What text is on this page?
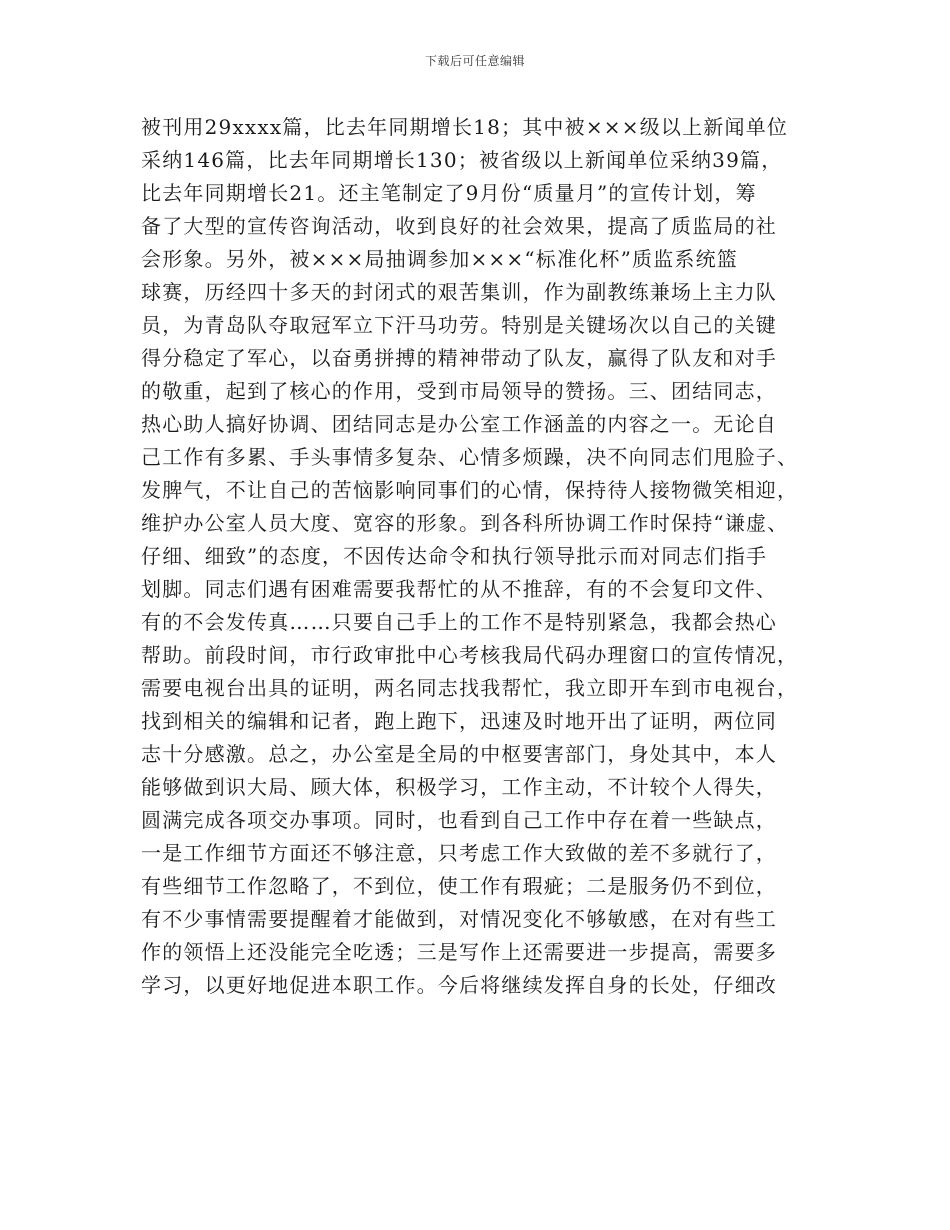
下载后可任意编辑
被刊用29xxxx篇，比去年同期增长18；其中被×××级以上新闻单位
采纳146篇，比去年同期增长130；被省级以上新闻单位采纳39篇，
比去年同期增长21。还主笔制定了9月份“质量月”的宣传计划，筹
备了大型的宣传咨询活动，收到良好的社会效果，提高了质监局的社
会形象。另外，被×××局抽调参加×××“标准化杯”质监系统篮
球赛，历经四十多天的封闭式的艰苦集训，作为副教练兼场上主力队
员，为青岛队夺取冠军立下汗马功劳。特别是关键场次以自己的关键
得分稳定了军心，以奋勇拼搏的精神带动了队友，赢得了队友和对手
的敬重，起到了核心的作用，受到市局领导的赞扬。三、团结同志，
热心助人搞好协调、团结同志是办公室工作涵盖的内容之一。无论自
己工作有多累、手头事情多复杂、心情多烦躁，决不向同志们甩脸子、
发脾气，不让自己的苦恼影响同事们的心情，保持待人接物微笑相迎，
维护办公室人员大度、宽容的形象。到各科所协调工作时保持“谦虚、
仔细、细致”的态度，不因传达命令和执行领导批示而对同志们指手
划脚。同志们遇有困难需要我帮忙的从不推辞，有的不会复印文件、
有的不会发传真……只要自己手上的工作不是特别紧急，我都会热心
帮助。前段时间，市行政审批中心考核我局代码办理窗口的宣传情况，
需要电视台出具的证明，两名同志找我帮忙，我立即开车到市电视台，
找到相关的编辑和记者，跑上跑下，迅速及时地开出了证明，两位同
志十分感激。总之，办公室是全局的中枢要害部门，身处其中，本人
能够做到识大局、顾大体，积极学习，工作主动，不计较个人得失，
圆满完成各项交办事项。同时，也看到自己工作中存在着一些缺点，
一是工作细节方面还不够注意，只考虑工作大致做的差不多就行了，
有些细节工作忽略了，不到位，使工作有瑕疵；二是服务仍不到位，
有不少事情需要提醒着才能做到，对情况变化不够敏感，在对有些工
作的领悟上还没能完全吃透；三是写作上还需要进一步提高，需要多
学习，以更好地促进本职工作。今后将继续发挥自身的长处，仔细改
